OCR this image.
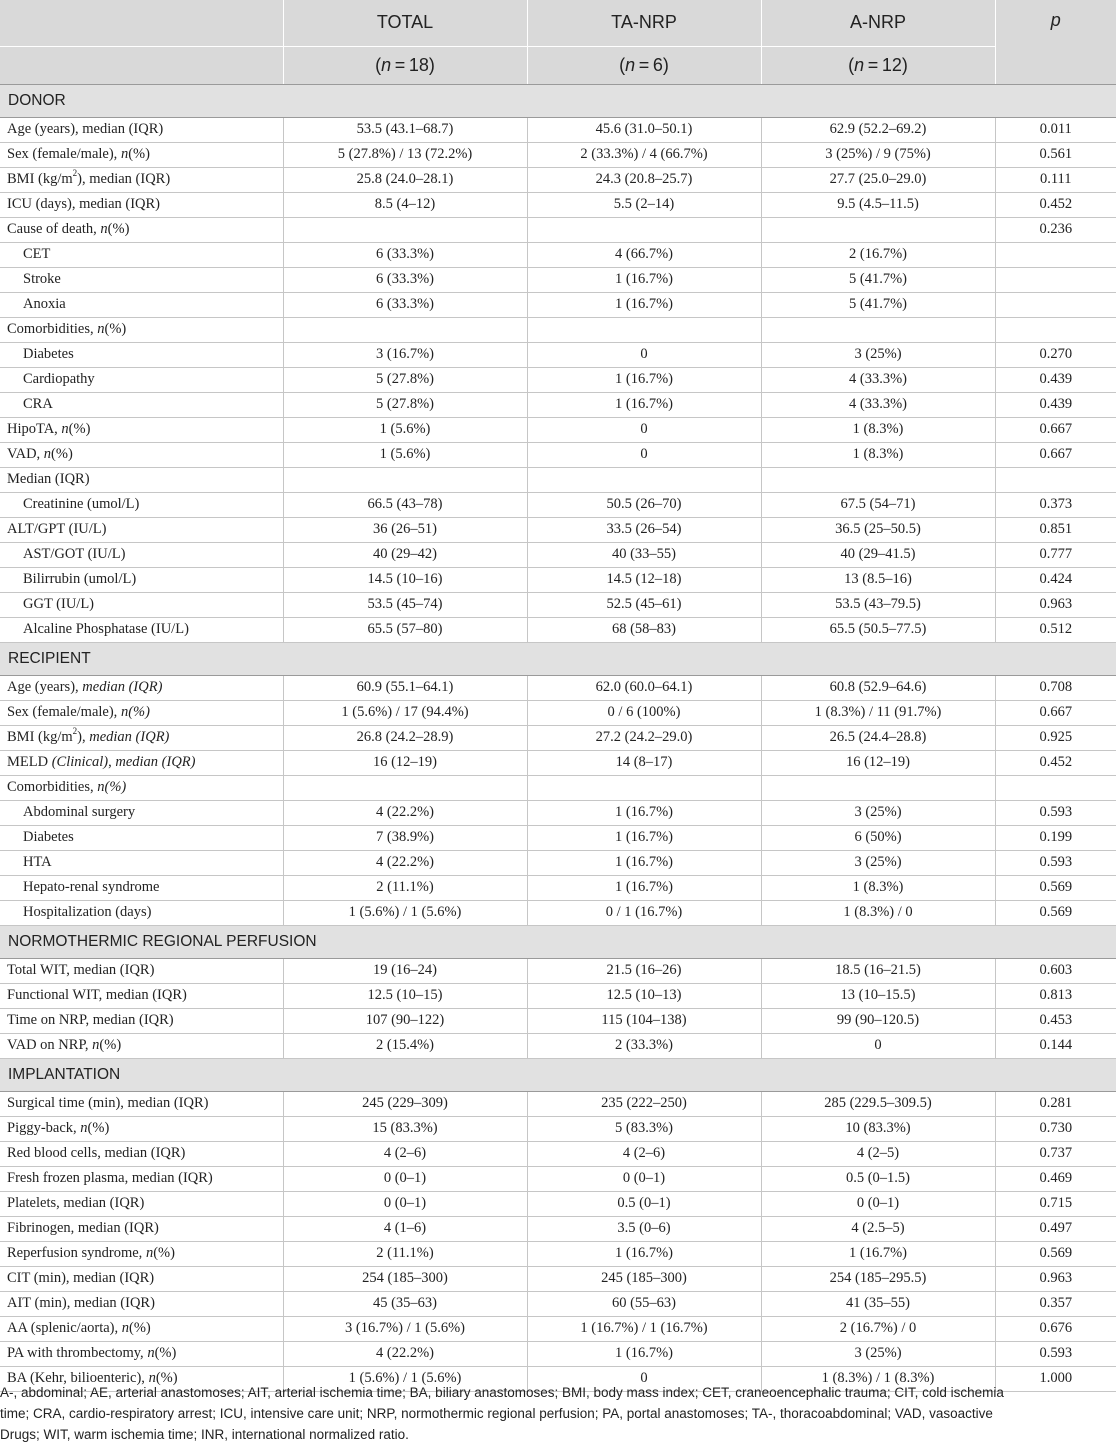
	TOTAL	TA-NRP	A-NRP	p
	(n = 18)	(n = 6)	(n = 12)	
DONOR				
Age (years), median (IQR)	53.5 (43.1–68.7)	45.6 (31.0–50.1)	62.9 (52.2–69.2)	0.011
Sex (female/male), n(%)	5 (27.8%) / 13 (72.2%)	2 (33.3%) / 4 (66.7%)	3 (25%) / 9 (75%)	0.561
BMI $(kg/m^2)$, median (IQR)	25.8 (24.0–28.1)	24.3 (20.8–25.7)	27.7 (25.0–29.0)	0.111
ICU (days), median (IQR)	8.5 (4–12)	5.5 (2–14)	9.5 (4.5–11.5)	0.452
Cause of death, n(%)				0.236
CET	6 (33.3%)	4 (66.7%)	2 (16.7%)	
Stroke	6 (33.3%)	1 (16.7%)	5 (41.7%)	
Anoxia	6 (33.3%)	1 (16.7%)	5 (41.7%)	
Comorbidities, n(%)				
Diabetes	3 (16.7%)	0	3 (25%)	0.270
Cardiopathy	5 (27.8%)	1 (16.7%)	4 (33.3%)	0.439
CRA	5 (27.8%)	1 (16.7%)	4 (33.3%)	0.439
HipoTA, n(%)	1 (5.6%)	0	1 (8.3%)	0.667
VAD, n(%)	1 (5.6%)	0	1 (8.3%)	0.667
Median (IQR)				
Creatinine (umol/L)	66.5 (43–78)	50.5 (26–70)	67.5 (54–71)	0.373
ALT/GPT (IU/L)	36 (26–51)	33.5 (26–54)	36.5 (25–50.5)	0.851
AST/GOT (IU/L)	40 (29–42)	40 (33–55)	40 (29–41.5)	0.777
Bilirrubin (umol/L)	14.5 (10–16)	14.5 (12–18)	13 (8.5–16)	0.424
GGT (IU/L)	53.5 (45–74)	52.5 (45–61)	53.5 (43–79.5)	0.963
Alcaline Phosphatase (IU/L)	65.5 (57–80)	68 (58–83)	65.5 (50.5–77.5)	0.512
RECIPIENT				
Age (years), median (IQR)	60.9 (55.1–64.1)	62.0 (60.0–64.1)	60.8 (52.9–64.6)	0.708
Sex (female/male), n(%)	1 (5.6%) / 17 (94.4%)	0 / 6 (100%)	1 (8.3%) / 11 (91.7%)	0.667
BMI $(kg/m^2)$, median (IQR)	26.8 (24.2–28.9)	27.2 (24.2–29.0)	26.5 (24.4–28.8)	0.925
MELD (Clinical), median (IQR)	16 (12–19)	14 (8–17)	16 (12–19)	0.452
Comorbidities, n(%)				
Abdominal surgery	4 (22.2%)	1 (16.7%)	3 (25%)	0.593
Diabetes	7 (38.9%)	1 (16.7%)	6 (50%)	0.199
HTA	4 (22.2%)	1 (16.7%)	3 (25%)	0.593
Hepato-renal syndrome	2 (11.1%)	1 (16.7%)	1 (8.3%)	0.569
Hospitalization (days)	1 (5.6%) / 1 (5.6%)	0 / 1 (16.7%)	1 (8.3%) / 0	0.569
NORMOTHERMIC REGIONAL PERFUSION				
Total WIT, median (IQR)	19 (16–24)	21.5 (16–26)	18.5 (16–21.5)	0.603
Functional WIT, median (IQR)	12.5 (10–15)	12.5 (10–13)	13 (10–15.5)	0.813
Time on NRP, median (IQR)	107 (90–122)	115 (104–138)	99 (90–120.5)	0.453
VAD on NRP, n(%)	2 (15.4%)	2 (33.3%)	0	0.144
IMPLANTATION				
Surgical time (min), median (IQR)	245 (229–309)	235 (222–250)	285 (229.5–309.5)	0.281
Piggy-back, n(%)	15 (83.3%)	5 (83.3%)	10 (83.3%)	0.730
Red blood cells, median (IQR)	4 (2–6)	4 (2–6)	4 (2–5)	0.737
Fresh frozen plasma, median (IQR)	0 (0–1)	0 (0–1)	0.5 (0–1.5)	0.469
Platelets, median (IQR)	0 (0–1)	0.5 (0–1)	0 (0–1)	0.715
Fibrinogen, median (IQR)	4 (1–6)	3.5 (0–6)	4 (2.5–5)	0.497
Reperfusion syndrome, n(%)	2 (11.1%)	1 (16.7%)	1 (16.7%)	0.569
CIT (min), median (IQR)	254 (185–300)	245 (185–300)	254 (185–295.5)	0.963
AIT (min), median (IQR)	45 (35–63)	60 (55–63)	41 (35–55)	0.357
AA (splenic/aorta), n(%)	3 (16.7%) / 1 (5.6%)	1 (16.7%) / 1 (16.7%)	2 (16.7%) / 0	0.676
PA with thrombectomy, n(%)	4 (22.2%)	1 (16.7%)	3 (25%)	0.593
BA (Kehr, bilioenteric), n(%)	1 (5.6%) / 1 (5.6%)	0	1 (8.3%) / 1 (8.3%)	1.000
A-, abdominal; AE, arterial anastomoses; AIT, arterial ischemia time; BA, biliary anastomoses; BMI, body mass index; CET, craneoencephalic trauma; CIT, cold ischemia
time; CRA, cardio-respiratory arrest; ICU, intensive care unit; NRP, normothermic regional perfusion; PA, portal anastomoses; TA-, thoracoabdominal; VAD, vasoactive
Drugs; WIT, warm ischemia time; INR, international normalized ratio.
